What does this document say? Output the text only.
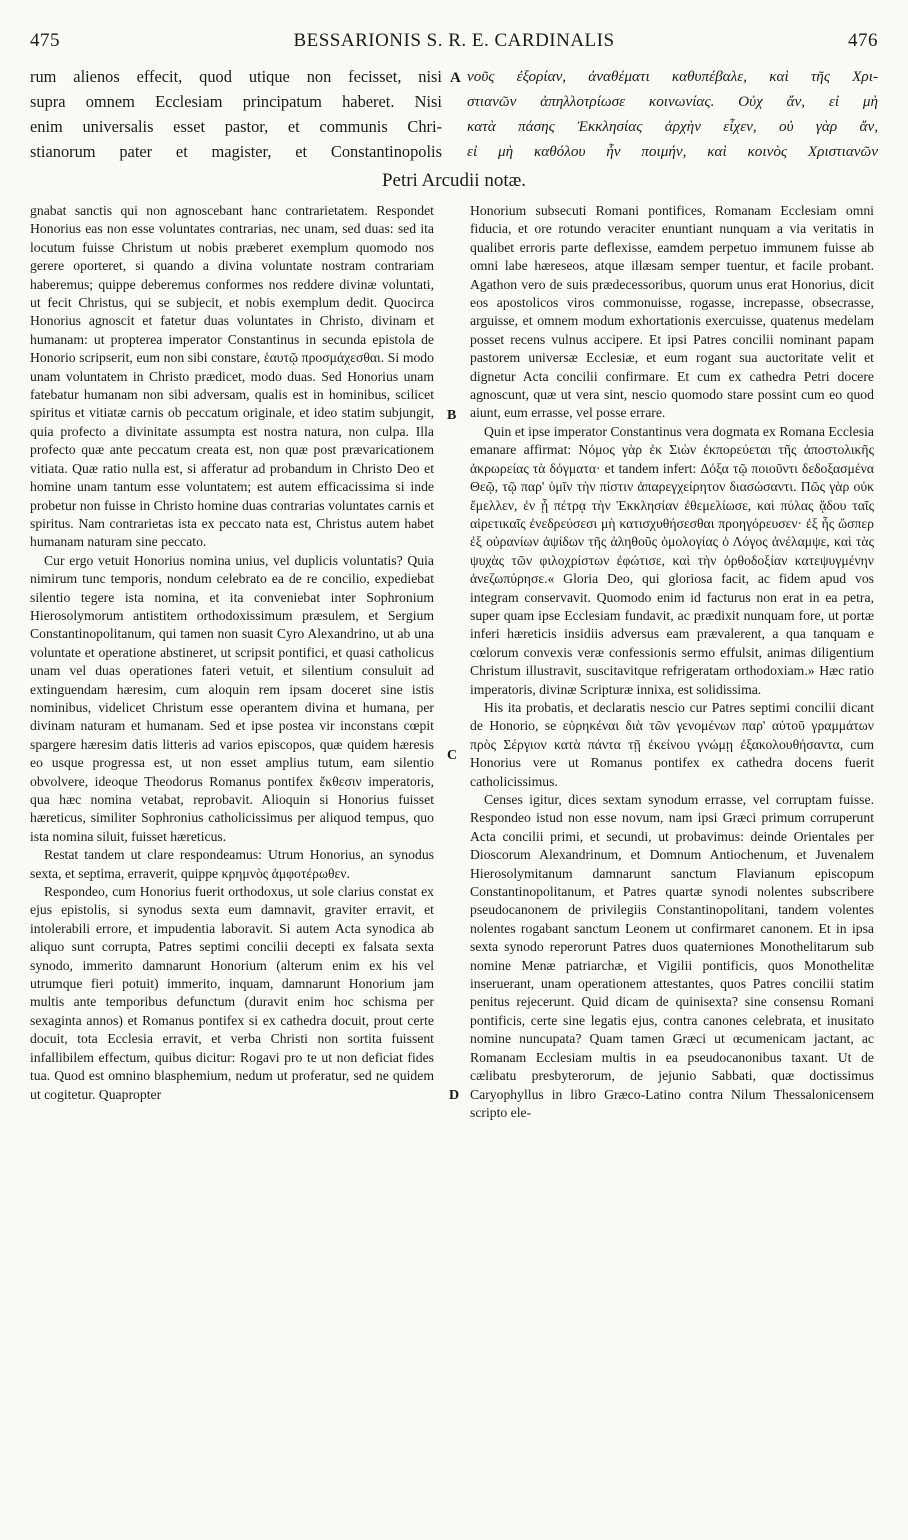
475	BESSARIONIS S. R. E. CARDINALIS	476
rum alienos effecit, quod utique non fecisset, nisi
supra omnem Ecclesiam principatum haberet. Nisi
enim universalis esset pastor, et communis Chri-
stianorum pater et magister, et Constantinopolis
νοῦς ἐξορίαν, ἀναθέματι καθυπέβαλε, καὶ τῆς Χρι-
στιανῶν ἀπηλλοτρίωσε κοινωνίας. Οὐχ ἄν, εἰ μὴ
κατὰ πάσης Ἐκκλησίας ἀρχὴν εἶχεν, οὐ γὰρ ἄν,
εἰ μὴ καθόλου ἦν ποιμήν, καὶ κοινὸς Χριστιανῶν
A
Petri Arcudii notæ.

gnabat sanctis qui non agnoscebant hanc contrarietatem. Respondet Honorius eas non esse voluntates contrarias, nec unam, sed duas: sed ita locutum fuisse Christum ut nobis præberet exemplum quomodo nos gerere oporteret, si quando a divina voluntate nostram contrariam haberemus; quippe deberemus conformes nos reddere divinæ voluntati, ut fecit Christus, qui se subjecit, et nobis exemplum dedit. Quocirca Honorius agnoscit et fatetur duas voluntates in Christo, divinam et humanam: ut propterea imperator Constantinus in secunda epistola de Honorio scripserit, eum non sibi constare, ἑαυτῷ προσμάχεσθαι. Si modo unam voluntatem in Christo prædicet, modo duas. Sed Honorius unam fatebatur humanam non sibi adversam, qualis est in hominibus, scilicet spiritus et vitiatæ carnis ob peccatum originale, et ideo statim subjungit, quia profecto a divinitate assumpta est nostra natura, non culpa. Illa profecto quæ ante peccatum creata est, non quæ post prævaricationem vitiata. Quæ ratio nulla est, si afferatur ad probandum in Christo Deo et homine unam tantum esse voluntatem; est autem efficacissima si inde probetur non fuisse in Christo homine duas contrarias voluntates carnis et spiritus. Nam contrarietas ista ex peccato nata est, Christus autem habet humanam naturam sine peccato.

Cur ergo vetuit Honorius nomina unius, vel duplicis voluntatis? Quia nimirum tunc temporis, nondum celebrato ea de re concilio, expediebat silentio tegere ista nomina, et ita conveniebat inter Sophronium Hierosolymorum antistitem orthodoxissimum præsulem, et Sergium Constantinopolitanum, qui tamen non suasit Cyro Alexandrino, ut ab una voluntate et operatione abstineret, ut scripsit pontifici, et quasi catholicus unam vel duas operationes fateri vetuit, et silentium consuluit ad extinguendam hæresim, cum aloquin rem ipsam doceret sine istis nominibus, videlicet Christum esse operantem divina et humana, per divinam naturam et humanam. Sed et ipse postea vir inconstans cœpit spargere hæresim datis litteris ad varios episcopos, quæ quidem hæresis eo usque progressa est, ut non esset amplius tutum, eam silentio obvolvere, ideoque Theodorus Romanus pontifex ἔκθεσιν imperatoris, qua hæc nomina vetabat, reprobavit. Alioquin si Honorius fuisset hæreticus, similiter Sophronius catholicissimus per aliquod tempus, quo ista nomina siluit, fuisset hæreticus.

Restat tandem ut clare respondeamus: Utrum Honorius, an synodus sexta, et septima, erraverit, quippe κρημνὸς ἀμφοτέρωθεν.

Respondeo, cum Honorius fuerit orthodoxus, ut sole clarius constat ex ejus epistolis, si synodus sexta eum damnavit, graviter erravit, et intolerabili errore, et impudentia laboravit. Si autem Acta synodica ab aliquo sunt corrupta, Patres septimi concilii decepti ex falsata sexta synodo, immerito damnarunt Honorium (alterum enim ex his vel utrumque fieri potuit) immerito, inquam, damnarunt Honorium jam multis ante temporibus defunctum (duravit enim hoc schisma per sexaginta annos) et Romanus pontifex si ex cathedra docuit, prout certe docuit, tota Ecclesia erravit, et verba Christi non sortita fuissent infallibilem effectum, quibus dicitur: Rogavi pro te ut non deficiat fides tua. Quod est omnino blasphemium, nedum ut proferatur, sed ne quidem ut cogitetur. Quapropter

B
C
D

Honorium subsecuti Romani pontifices, Romanam Ecclesiam omni fiducia, et ore rotundo veraciter enuntiant nunquam a via veritatis in qualibet erroris parte deflexisse, eamdem perpetuo immunem fuisse ab omni labe hæreseos, atque illæsam semper tuentur, et facile probant. Agathon vero de suis prædecessoribus, quorum unus erat Honorius, dicit eos apostolicos viros commonuisse, rogasse, increpasse, obsecrasse, arguisse, et omnem modum exhortationis exercuisse, quatenus medelam posset recens vulnus accipere. Et ipsi Patres concilii nominant papam pastorem universæ Ecclesiæ, et eum rogant sua auctoritate velit et dignetur Acta concilii confirmare. Et cum ex cathedra Petri docere agnoscunt, quæ ut vera sint, nescio quomodo stare possint cum eo quod aiunt, eum errasse, vel posse errare.

Quin et ipse imperator Constantinus vera dogmata ex Romana Ecclesia emanare affirmat: Νόμος γὰρ ἐκ Σιὼν ἐκπορεύεται τῆς ἀποστολικῆς ἀκρωρείας τὰ δόγματα· et tandem infert: Δόξα τῷ ποιοῦντι δεδοξασμένα Θεῷ, τῷ παρ' ὑμῖν τὴν πίστιν ἀπαρεγχείρητον διασώσαντι. Πῶς γὰρ οὐκ ἔμελλεν, ἐν ᾗ πέτρᾳ τὴν Ἐκκλησίαν ἐθεμελίωσε, καὶ πύλας ᾅδου ταῖς αἱρετικαῖς ἐνεδρεύσεσι μὴ κατισχυθήσεσθαι προηγόρευσεν· ἐξ ἧς ὥσπερ ἐξ οὐρανίων ἀψίδων τῆς ἀληθοῦς ὁμολογίας ὁ Λόγος ἀνέλαμψε, καὶ τὰς ψυχὰς τῶν φιλοχρίστων ἐφώτισε, καὶ τὴν ὀρθοδοξίαν κατεψυγμένην ἀνεζωπύρησε.« Gloria Deo, qui gloriosa facit, ac fidem apud vos integram conservavit. Quomodo enim id facturus non erat in ea petra, super quam ipse Ecclesiam fundavit, ac prædixit nunquam fore, ut portæ inferi hæreticis insidiis adversus eam prævalerent, a qua tanquam e cœlorum convexis veræ confessionis sermo effulsit, animas diligentium Christum illustravit, suscitavitque refrigeratam orthodoxiam.» Hæc ratio imperatoris, divinæ Scripturæ innixa, est solidissima.

His ita probatis, et declaratis nescio cur Patres septimi concilii dicant de Honorio, se εὑρηκέναι διὰ τῶν γενομένων παρ' αὐτοῦ γραμμάτων πρὸς Σέργιον κατὰ πάντα τῇ ἐκείνου γνώμῃ ἐξακολουθήσαντα, cum Honorius vere ut Romanus pontifex ex cathedra docens fuerit catholicissimus.

Censes igitur, dices sextam synodum errasse, vel corruptam fuisse. Respondeo istud non esse novum, nam ipsi Græci primum corruperunt Acta concilii primi, et secundi, ut probavimus: deinde Orientales per Dioscorum Alexandrinum, et Domnum Antiochenum, et Juvenalem Hierosolymitanum damnarunt sanctum Flavianum episcopum Constantinopolitanum, et Patres quartæ synodi nolentes subscribere pseudocanonem de privilegiis Constantinopolitani, tandem volentes nolentes rogabant sanctum Leonem ut confirmaret canonem. Et in ipsa sexta synodo reperorunt Patres duos quaterniones Monothelitarum sub nomine Menæ patriarchæ, et Vigilii pontificis, quos Monothelitæ inseruerant, unam operationem attestantes, quos Patres concilii statim penitus rejecerunt. Quid dicam de quinisexta? sine consensu Romani pontificis, certe sine legatis ejus, contra canones celebrata, et inusitato nomine nuncupata? Quam tamen Græci ut œcumenicam jactant, ac Romanam Ecclesiam multis in ea pseudocanonibus taxant. Ut de cælibatu presbyterorum, de jejunio Sabbati, quæ doctissimus Caryophyllus in libro Græco-Latino contra Nilum Thessalonicensem scripto ele-
